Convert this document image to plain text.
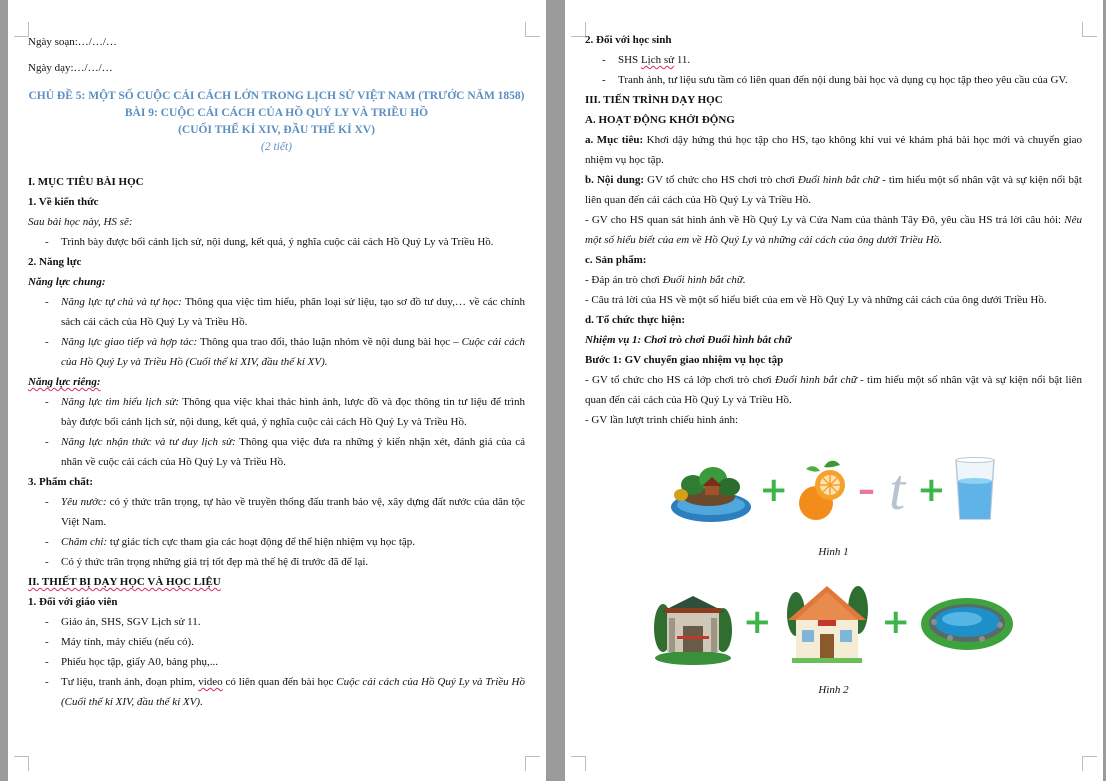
Ngày soạn:…/…/…

Ngày dạy:…/…/…

CHỦ ĐỀ 5: MỘT SỐ CUỘC CẢI CÁCH LỚN TRONG LỊCH SỬ VIỆT NAM (TRƯỚC NĂM 1858)
BÀI 9: CUỘC CẢI CÁCH CỦA HỒ QUÝ LY VÀ TRIỀU HỒ
(CUỐI THẾ KỈ XIV, ĐẦU THẾ KỈ XV)
(2 tiết)

I. MỤC TIÊU BÀI HỌC

1. Về kiến thức

Sau bài học này, HS sẽ:

- Trình bày được bối cảnh lịch sử, nội dung, kết quả, ý nghĩa cuộc cải cách Hồ Quý Ly và Triều Hồ.

2. Năng lực

Năng lực chung:

- Năng lực tự chủ và tự học: Thông qua việc tìm hiểu, phân loại sử liệu, tạo sơ đồ tư duy,… về các chính sách cải cách của Hồ Quý Ly và Triều Hồ.

- Năng lực giao tiếp và hợp tác: Thông qua trao đổi, thảo luận nhóm về nội dung bài học – Cuộc cải cách của Hồ Quý Ly và Triều Hồ (Cuối thế kỉ XIV, đầu thế kỉ XV).

Năng lực riêng:

- Năng lực tìm hiểu lịch sử: Thông qua việc khai thác hình ảnh, lược đồ và đọc thông tin tư liệu để trình bày được bối cảnh lịch sử, nội dung, kết quả, ý nghĩa cuộc cải cách Hồ Quý Ly và Triều Hồ.

- Năng lực nhận thức và tư duy lịch sử: Thông qua việc đưa ra những ý kiến nhận xét, đánh giá của cá nhân về cuộc cải cách của Hồ Quý Ly và Triều Hồ.

3. Phẩm chất:

- Yêu nước: có ý thức trân trọng, tự hào về truyền thống đấu tranh bảo vệ, xây dựng đất nước của dân tộc Việt Nam.

- Chăm chỉ: tự giác tích cực tham gia các hoạt động để thể hiện nhiệm vụ học tập.

- Có ý thức trân trọng những giá trị tốt đẹp mà thế hệ đi trước đã để lại.

II. THIẾT BỊ DẠY HỌC VÀ HỌC LIỆU

1. Đối với giáo viên

- Giáo án, SHS, SGV Lịch sử 11.

- Máy tính, máy chiếu (nếu có).

- Phiếu học tập, giấy A0, bảng phụ,...

- Tư liệu, tranh ảnh, đoạn phim, video có liên quan đến bài học Cuộc cải cách của Hồ Quý Ly và Triều Hồ (Cuối thế kỉ XIV, đầu thế kỉ XV).

2. Đối với học sinh

- SHS Lịch sử 11.

- Tranh ảnh, tư liệu sưu tầm có liên quan đến nội dung bài học và dụng cụ học tập theo yêu cầu của GV.

III. TIẾN TRÌNH DẠY HỌC

A. HOẠT ĐỘNG KHỞI ĐỘNG

a. Mục tiêu: Khơi dậy hứng thú học tập cho HS, tạo không khí vui vẻ khám phá bài học mới và chuyển giao nhiệm vụ học tập.

b. Nội dung: GV tổ chức cho HS chơi trò chơi Đuổi hình bắt chữ - tìm hiểu một số nhân vật và sự kiện nổi bật liên quan đến cải cách của Hồ Quý Ly và Triều Hồ.

- GV cho HS quan sát hình ảnh về Hồ Quý Ly và Cửa Nam của thành Tây Đô, yêu cầu HS trả lời câu hỏi: Nêu một số hiểu biết của em về Hồ Quý Ly và những cải cách của ông dưới Triều Hồ.

c. Sản phẩm:

- Đáp án trò chơi Đuổi hình bắt chữ.

- Câu trả lời của HS về một số hiểu biết của em về Hồ Quý Ly và những cải cách của ông dưới Triều Hồ.

d. Tổ chức thực hiện:

Nhiệm vụ 1: Chơi trò chơi Đuổi hình bắt chữ

Bước 1: GV chuyển giao nhiệm vụ học tập

- GV tổ chức cho HS cả lớp chơi trò chơi Đuổi hình bắt chữ - tìm hiểu một số nhân vật và sự kiện nổi bật liên quan đến cải cách của Hồ Quý Ly và Triều Hồ.

- GV lần lượt trình chiếu hình ảnh:

+ – t +
Hình 1
+	+
Hình 2
